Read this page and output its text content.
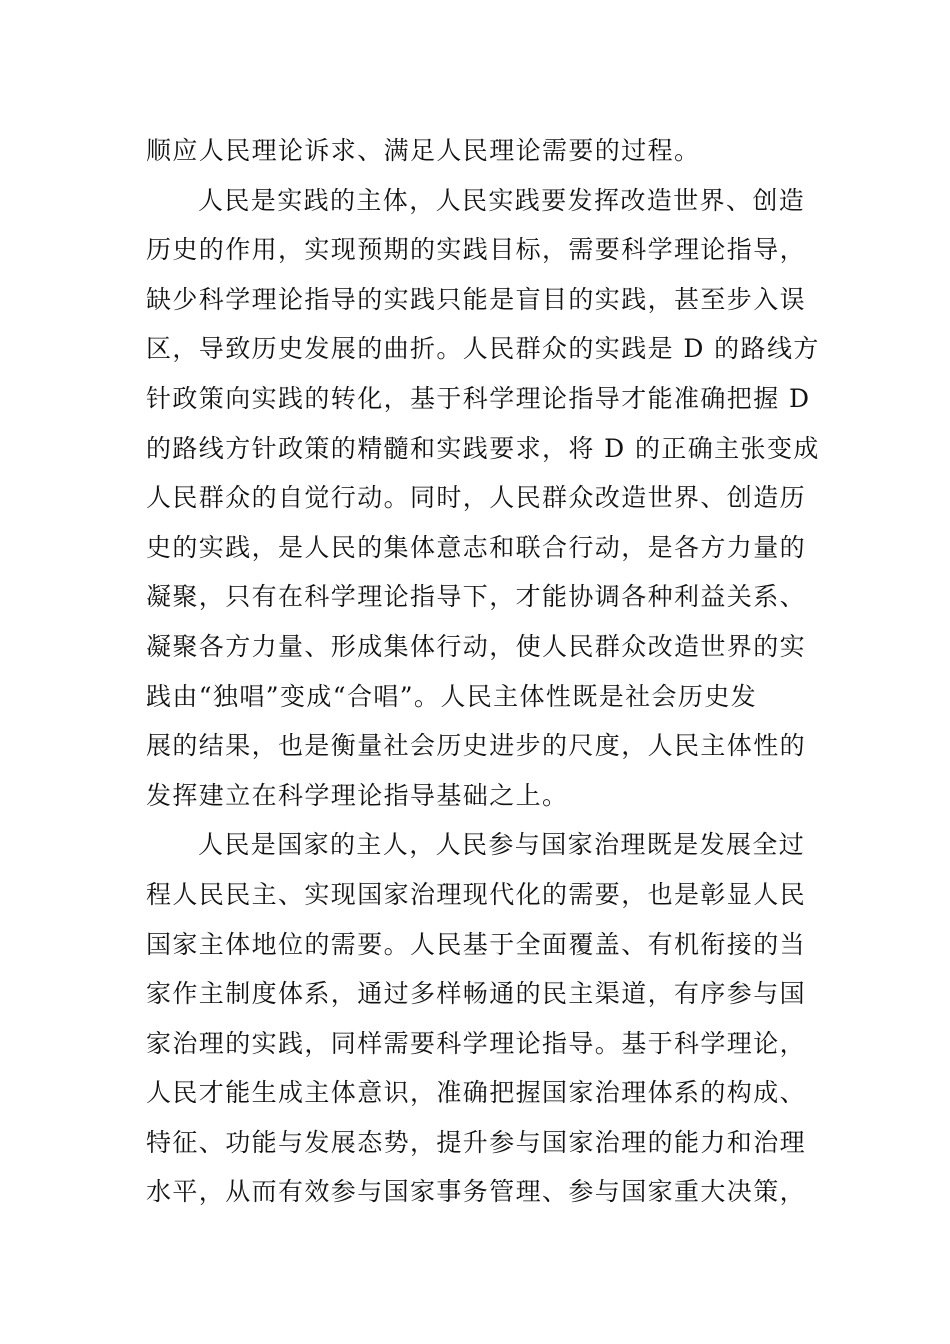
顺应人民理论诉求、满足人民理论需要的过程。
人民是实践的主体，人民实践要发挥改造世界、创造
历史的作用，实现预期的实践目标，需要科学理论指导，
缺少科学理论指导的实践只能是盲目的实践，甚至步入误
区，导致历史发展的曲折。人民群众的实践是 D 的路线方
针政策向实践的转化，基于科学理论指导才能准确把握 D
的路线方针政策的精髓和实践要求，将 D 的正确主张变成
人民群众的自觉行动。同时，人民群众改造世界、创造历
史的实践，是人民的集体意志和联合行动，是各方力量的
凝聚，只有在科学理论指导下，才能协调各种利益关系、
凝聚各方力量、形成集体行动，使人民群众改造世界的实
践由“独唱”变成“合唱”。人民主体性既是社会历史发
展的结果，也是衡量社会历史进步的尺度，人民主体性的
发挥建立在科学理论指导基础之上。
人民是国家的主人，人民参与国家治理既是发展全过
程人民民主、实现国家治理现代化的需要，也是彰显人民
国家主体地位的需要。人民基于全面覆盖、有机衔接的当
家作主制度体系，通过多样畅通的民主渠道，有序参与国
家治理的实践，同样需要科学理论指导。基于科学理论，
人民才能生成主体意识，准确把握国家治理体系的构成、
特征、功能与发展态势，提升参与国家治理的能力和治理
水平，从而有效参与国家事务管理、参与国家重大决策，
